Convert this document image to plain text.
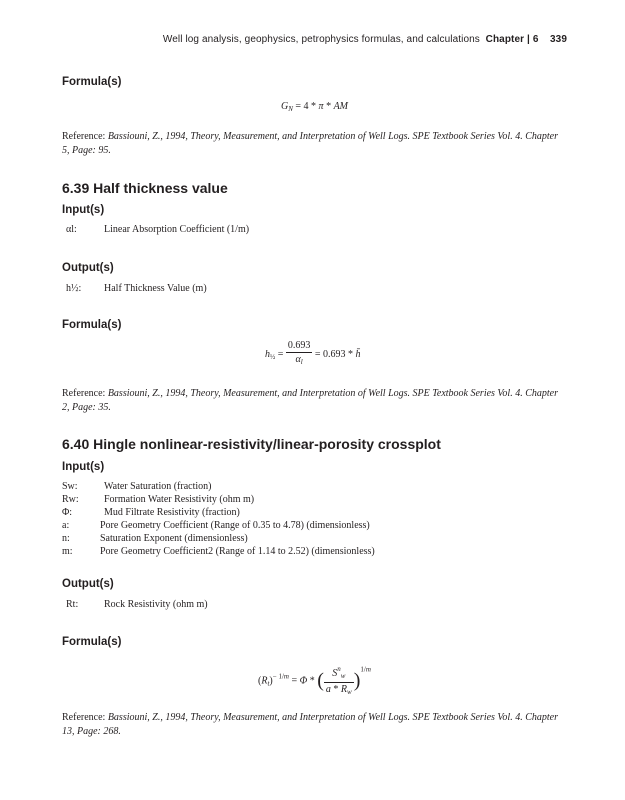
Well log analysis, geophysics, petrophysics formulas, and calculations Chapter | 6 339
Formula(s)
$G_N = 4 * \pi$ * AM
Reference: Bassiouni, Z., 1994, Theory, Measurement, and Interpretation of Well Logs. SPE Textbook Series Vol. 4. Chapter 5, Page: 95.
6.39 Half thickness value
Input(s)
αl:	Linear Absorption Coefficient (1/m)
Output(s)
h½: Half Thickness Value (m)
Formula(s)
$h_{\frac{1}{2}} = \frac{0.693}{\alpha_l} = 0.693$ * h̄
Reference: Bassiouni, Z., 1994, Theory, Measurement, and Interpretation of Well Logs. SPE Textbook Series Vol. 4. Chapter 2, Page: 35.
6.40 Hingle nonlinear-resistivity/linear-porosity crossplot
Input(s)
Sw:	Water Saturation (fraction)
Rw:	Formation Water Resistivity (ohm m)
Φ:	Mud Filtrate Resistivity (fraction)
a:	Pore Geometry Coefficient (Range of 0.35 to 4.78) (dimensionless)
n:	Saturation Exponent (dimensionless)
m:	Pore Geometry Coefficient2 (Range of 1.14 to 2.52) (dimensionless)
Output(s)
Rt:	Rock Resistivity (ohm m)
Formula(s)
$(R_t)^{- 1/m} = \Phi$ * ( $\frac{S^n_w}{a * R_w} )^{1/m}$
Reference: Bassiouni, Z., 1994, Theory, Measurement, and Interpretation of Well Logs. SPE Textbook Series Vol. 4. Chapter 13, Page: 268.
